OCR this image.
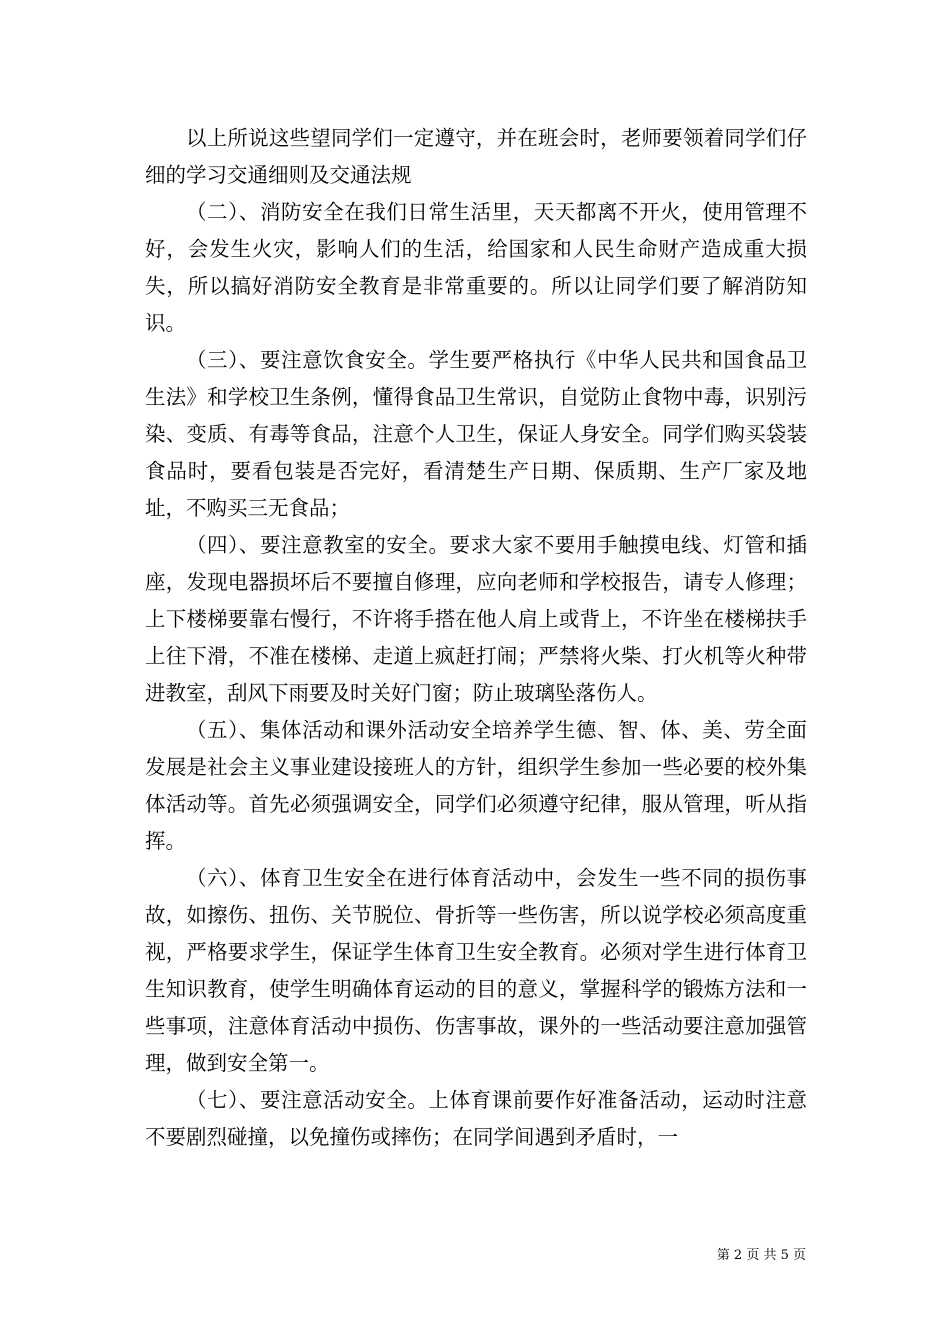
以上所说这些望同学们一定遵守，并在班会时，老师要领着同学们仔细的学习交通细则及交通法规

（二）、消防安全在我们日常生活里，天天都离不开火，使用管理不好，会发生火灾，影响人们的生活，给国家和人民生命财产造成重大损失，所以搞好消防安全教育是非常重要的。所以让同学们要了解消防知识。

（三）、要注意饮食安全。学生要严格执行《中华人民共和国食品卫生法》和学校卫生条例，懂得食品卫生常识，自觉防止食物中毒，识别污染、变质、有毒等食品，注意个人卫生，保证人身安全。同学们购买袋装食品时，要看包装是否完好，看清楚生产日期、保质期、生产厂家及地址，不购买三无食品；

（四）、要注意教室的安全。要求大家不要用手触摸电线、灯管和插座，发现电器损坏后不要擅自修理，应向老师和学校报告，请专人修理；上下楼梯要靠右慢行，不许将手搭在他人肩上或背上，不许坐在楼梯扶手上往下滑，不准在楼梯、走道上疯赶打闹；严禁将火柴、打火机等火种带进教室，刮风下雨要及时关好门窗；防止玻璃坠落伤人。

（五）、集体活动和课外活动安全培养学生德、智、体、美、劳全面发展是社会主义事业建设接班人的方针，组织学生参加一些必要的校外集体活动等。首先必须强调安全，同学们必须遵守纪律，服从管理，听从指挥。

（六）、体育卫生安全在进行体育活动中，会发生一些不同的损伤事故，如擦伤、扭伤、关节脱位、骨折等一些伤害，所以说学校必须高度重视，严格要求学生，保证学生体育卫生安全教育。必须对学生进行体育卫生知识教育，使学生明确体育运动的目的意义，掌握科学的锻炼方法和一些事项，注意体育活动中损伤、伤害事故，课外的一些活动要注意加强管理，做到安全第一。

（七）、要注意活动安全。上体育课前要作好准备活动，运动时注意不要剧烈碰撞，以免撞伤或摔伤；在同学间遇到矛盾时，一

第 2 页 共 5 页
